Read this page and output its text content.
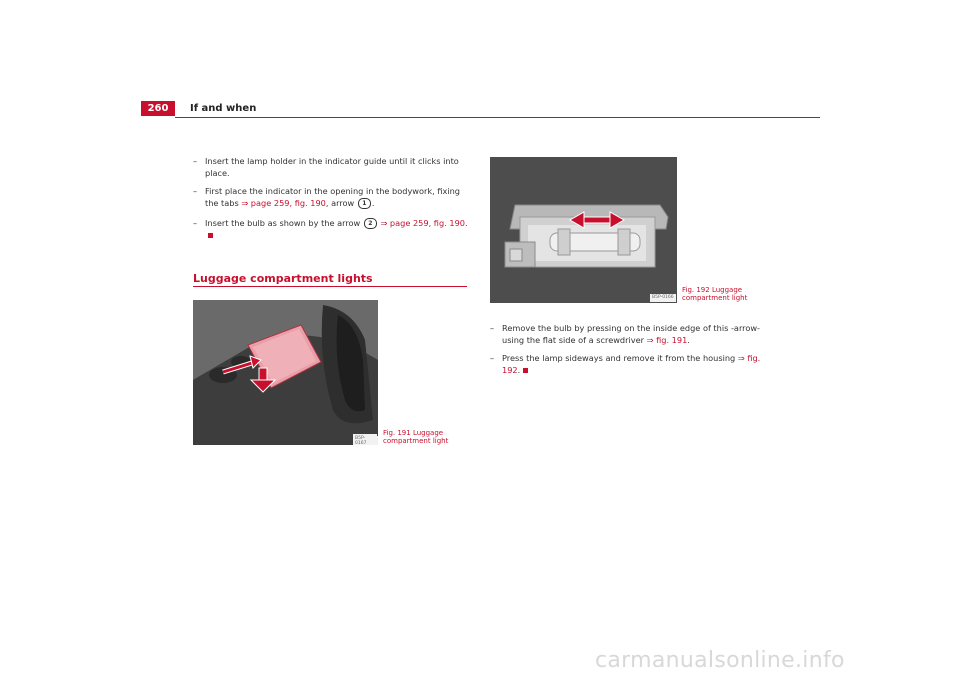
260	If and when
– Insert the lamp holder in the indicator guide until it clicks into place.
– First place the indicator in the opening in the bodywork, fixing the tabs ⇒ page 259, fig. 190, arrow 1 .
– Insert the bulb as shown by the arrow 2 ⇒ page 259, fig. 190.
Luggage compartment lights
B5P-0167
Fig. 191 Luggage
compartment light
B5P-0166
Fig. 192 Luggage
compartment light
– Remove the bulb by pressing on the inside edge of this -arrow- using the flat side of a screwdriver ⇒ fig. 191.
– Press the lamp sideways and remove it from the housing ⇒ fig. 192.
carmanualsonline.info
